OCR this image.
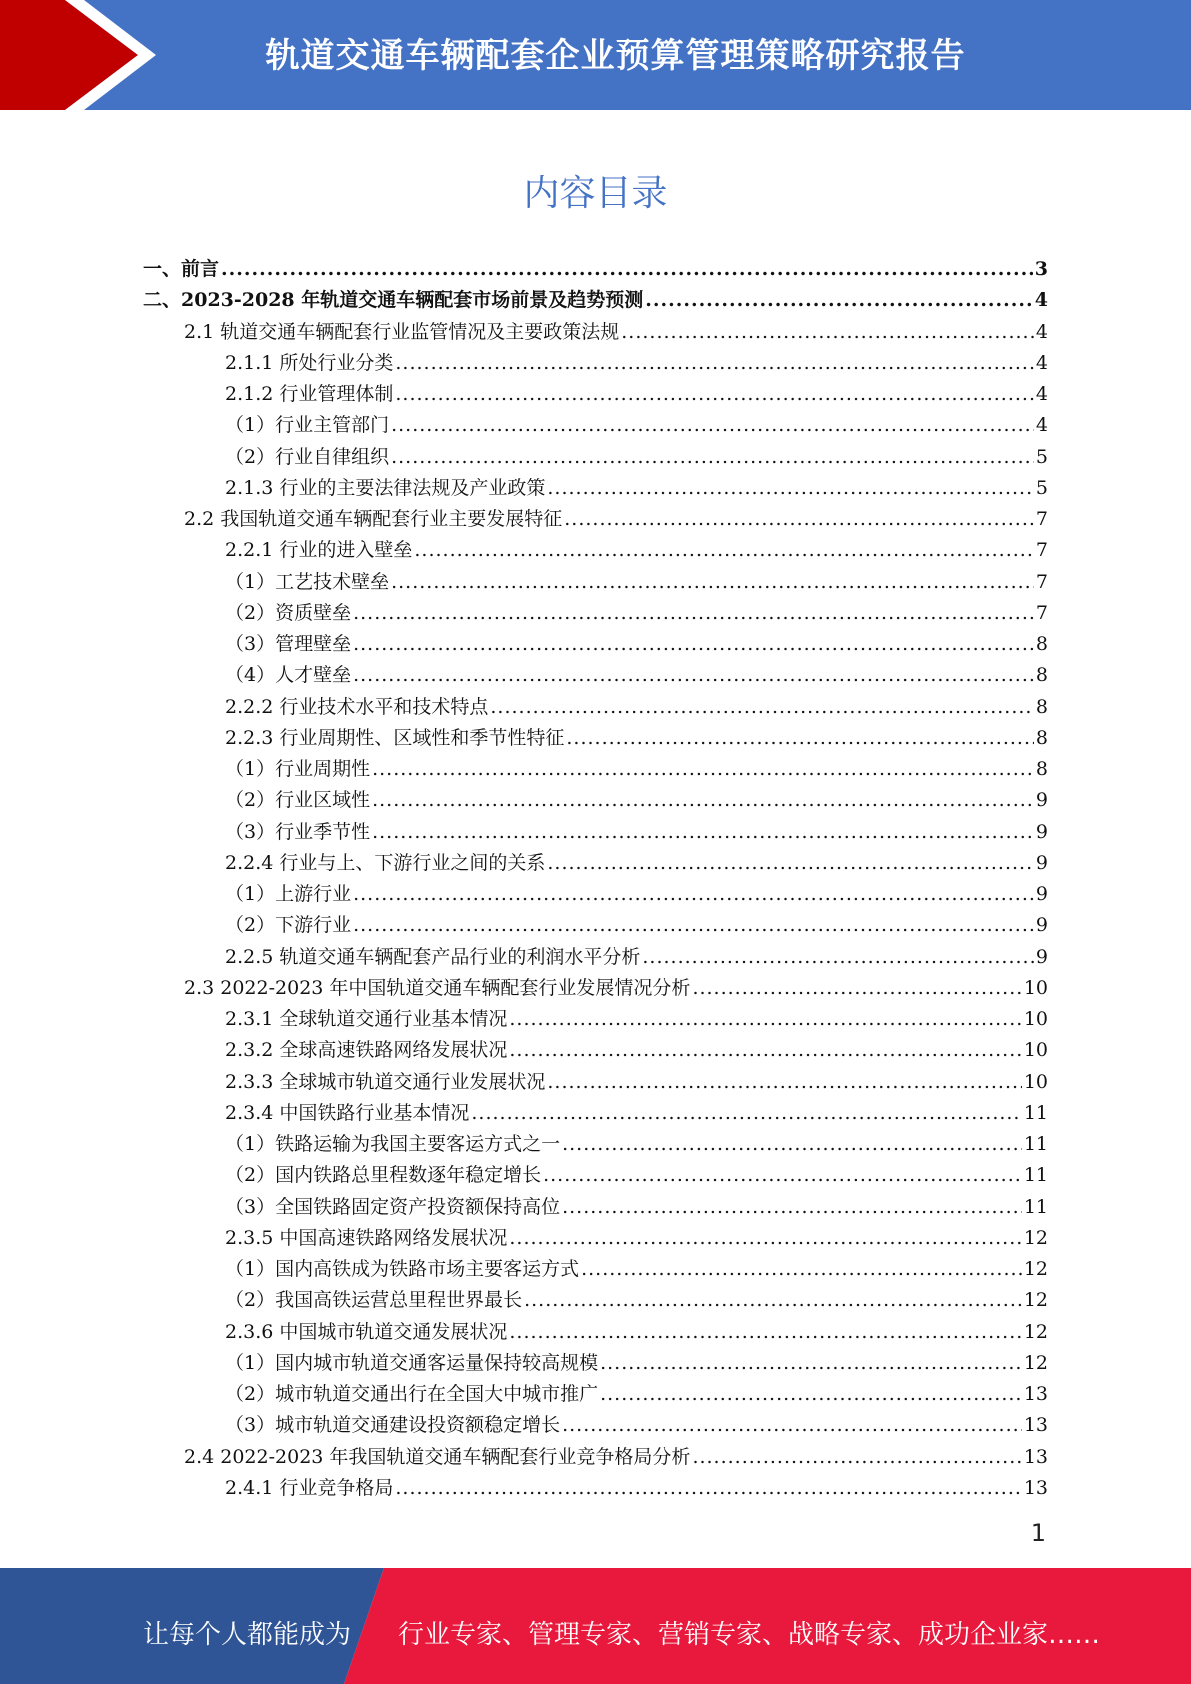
轨道交通车辆配套企业预算管理策略研究报告
内容目录
一、前言 .....	3
二、2023-2028 年轨道交通车辆配套市场前景及趋势预测 .....	4
2.1 轨道交通车辆配套行业监管情况及主要政策法规 .....	4
2.1.1 所处行业分类 .....	4
2.1.2 行业管理体制 .....	4
（1）行业主管部门 .....	4
（2）行业自律组织 .....	5
2.1.3 行业的主要法律法规及产业政策 .....	5
2.2 我国轨道交通车辆配套行业主要发展特征 .....	7
2.2.1 行业的进入壁垒 .....	7
（1）工艺技术壁垒 .....	7
（2）资质壁垒 .....	7
（3）管理壁垒 .....	8
（4）人才壁垒 .....	8
2.2.2 行业技术水平和技术特点 .....	8
2.2.3 行业周期性、区域性和季节性特征 .....	8
（1）行业周期性 .....	8
（2）行业区域性 .....	9
（3）行业季节性 .....	9
2.2.4 行业与上、下游行业之间的关系 .....	9
（1）上游行业 .....	9
（2）下游行业 .....	9
2.2.5 轨道交通车辆配套产品行业的利润水平分析 .....	9
2.3 2022-2023 年中国轨道交通车辆配套行业发展情况分析 .....	10
2.3.1 全球轨道交通行业基本情况 .....	10
2.3.2 全球高速铁路网络发展状况 .....	10
2.3.3 全球城市轨道交通行业发展状况 .....	10
2.3.4 中国铁路行业基本情况 .....	11
（1）铁路运输为我国主要客运方式之一 .....	11
（2）国内铁路总里程数逐年稳定增长 .....	11
（3）全国铁路固定资产投资额保持高位 .....	11
2.3.5 中国高速铁路网络发展状况 .....	12
（1）国内高铁成为铁路市场主要客运方式 .....	12
（2）我国高铁运营总里程世界最长 .....	12
2.3.6 中国城市轨道交通发展状况 .....	12
（1）国内城市轨道交通客运量保持较高规模 .....	12
（2）城市轨道交通出行在全国大中城市推广 .....	13
（3）城市轨道交通建设投资额稳定增长 .....	13
2.4 2022-2023 年我国轨道交通车辆配套行业竞争格局分析 .....	13
2.4.1 行业竞争格局 .....	13
1
让每个人都能成为 行业专家、管理专家、营销专家、战略专家、成功企业家……
